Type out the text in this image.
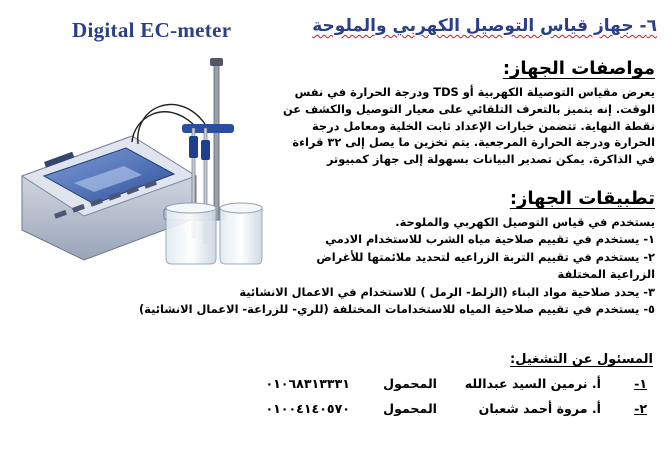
Digital EC-meter	٦- جهاز قياس التوصيل الكهربي والملوحة
مواصفات الجهاز:
يعرض مقياس التوصيلة الكهربية أو TDS ودرجة الحرارة في نفس
الوقت. إنه يتميز بالتعرف التلقائي على معيار التوصيل والكشف عن
نقطة النهاية. تتضمن خيارات الإعداد ثابت الخلية ومعامل درجة
الحرارة ودرجة الحرارة المرجعية. يتم تخزين ما يصل إلى ٣٢ قراءة
في الذاكرة. يمكن تصدير البيانات بسهولة إلى جهاز كمبيوتر
تطبيقات الجهاز:
يستخدم في قياس التوصيل الكهربي والملوحة.
١- يستخدم في تقييم صلاحية مياه الشرب للاستخدام الادمي
٢- يستخدم في تقييم التربة الزراعيه لتحديد ملائمتها للأغراض
الزراعية المختلفة
٣- يحدد صلاحية مواد البناء (الزلط- الرمل ) للاستخدام في الاعمال الانشائية
٥- يستخدم في تقييم صلاحية المياه للاستخدامات المختلفة (للري- للزراعة- الاعمال الانشائية)
المسئول عن التشغيل:
١-
أ. نرمين السيد عبدالله
المحمول
٠١٠٦٨٣١٣٣٣١
٢-
أ. مروة أحمد شعبان
المحمول
٠١٠٠٤١٤٠٥٧٠
